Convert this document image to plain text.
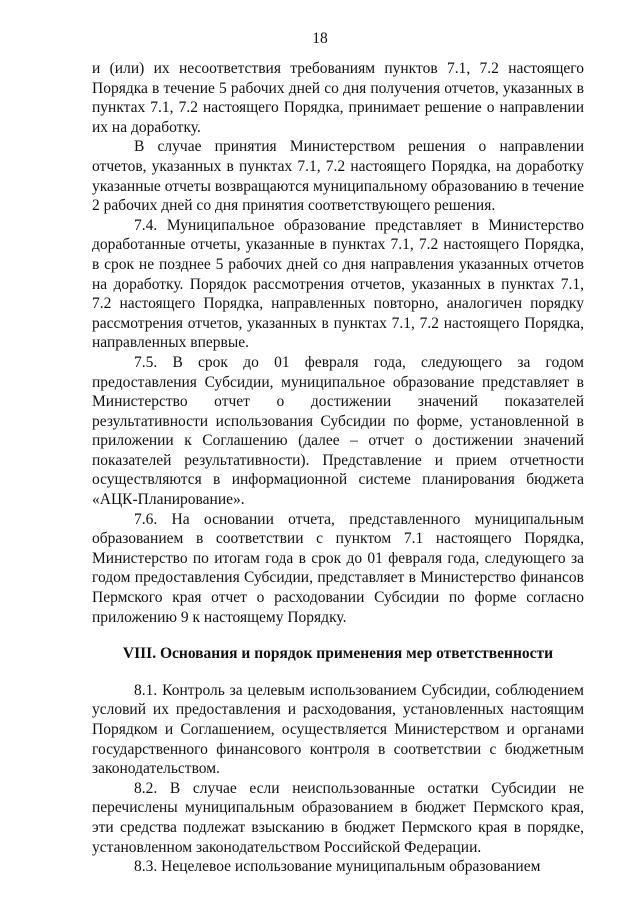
18

и (или) их несоответствия требованиям пунктов 7.1, 7.2 настоящего Порядка в течение 5 рабочих дней со дня получения отчетов, указанных в пунктах 7.1, 7.2 настоящего Порядка, принимает решение о направлении их на доработку.

В случае принятия Министерством решения о направлении отчетов, указанных в пунктах 7.1, 7.2 настоящего Порядка, на доработку указанные отчеты возвращаются муниципальному образованию в течение 2 рабочих дней со дня принятия соответствующего решения.

7.4. Муниципальное образование представляет в Министерство доработанные отчеты, указанные в пунктах 7.1, 7.2 настоящего Порядка, в срок не позднее 5 рабочих дней со дня направления указанных отчетов на доработку. Порядок рассмотрения отчетов, указанных в пунктах 7.1, 7.2 настоящего Порядка, направленных повторно, аналогичен порядку рассмотрения отчетов, указанных в пунктах 7.1, 7.2 настоящего Порядка, направленных впервые.

7.5. В срок до 01 февраля года, следующего за годом предоставления Субсидии, муниципальное образование представляет в Министерство отчет о достижении значений показателей результативности использования Субсидии по форме, установленной в приложении к Соглашению (далее – отчет о достижении значений показателей результативности). Представление и прием отчетности осуществляются в информационной системе планирования бюджета «АЦК-Планирование».

7.6. На основании отчета, представленного муниципальным образованием в соответствии с пунктом 7.1 настоящего Порядка, Министерство по итогам года в срок до 01 февраля года, следующего за годом предоставления Субсидии, представляет в Министерство финансов Пермского края отчет о расходовании Субсидии по форме согласно приложению 9 к настоящему Порядку.

VIII. Основания и порядок применения мер ответственности

8.1. Контроль за целевым использованием Субсидии, соблюдением условий их предоставления и расходования, установленных настоящим Порядком и Соглашением, осуществляется Министерством и органами государственного финансового контроля в соответствии с бюджетным законодательством.

8.2. В случае если неиспользованные остатки Субсидии не перечислены муниципальным образованием в бюджет Пермского края, эти средства подлежат взысканию в бюджет Пермского края в порядке, установленном законодательством Российской Федерации.

8.3. Нецелевое использование муниципальным образованием
